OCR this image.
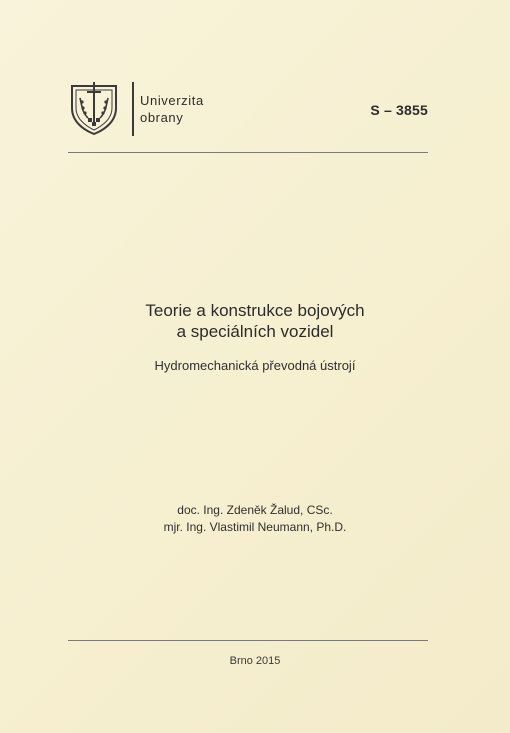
Univerzita
obrany	S – 3855
Teorie a konstrukce bojových
a speciálních vozidel
Hydromechanická převodná ústrojí
doc. Ing. Zdeněk Žalud, CSc.
mjr. Ing. Vlastimil Neumann, Ph.D.
Brno 2015
